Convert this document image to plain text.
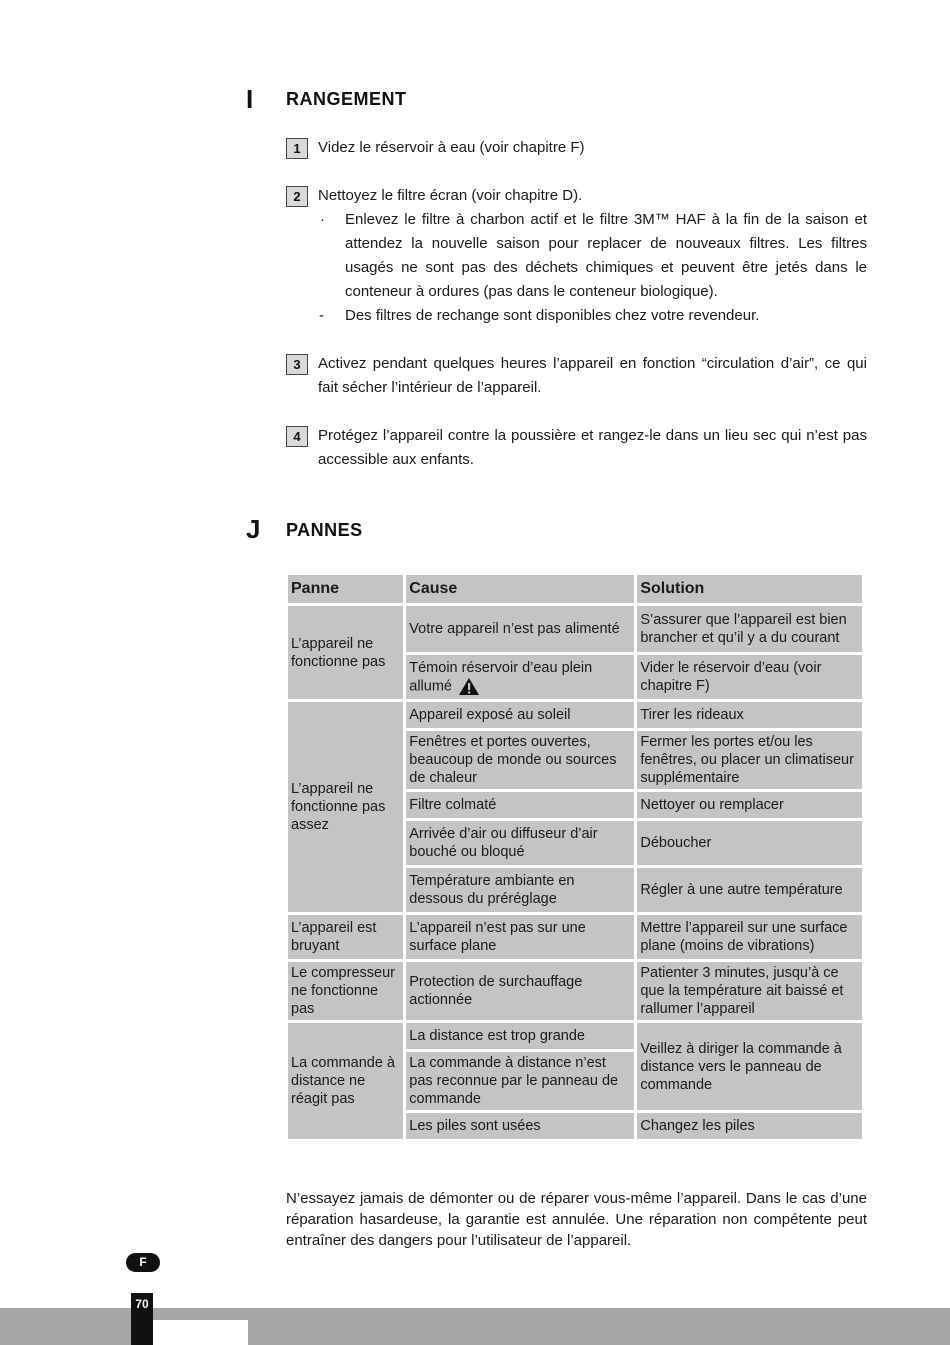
I RANGEMENT
1	Videz le réservoir à eau (voir chapitre F)
2	Nettoyez le filtre écran (voir chapitre D).
· Enlevez le filtre à charbon actif et le filtre 3M™ HAF à la fin de la saison et attendez la nouvelle saison pour replacer de nouveaux filtres. Les filtres usagés ne sont pas des déchets chimiques et peuvent être jetés dans le conteneur à ordures (pas dans le conteneur biologique).
- Des filtres de rechange sont disponibles chez votre revendeur.
3	Activez pendant quelques heures l’appareil en fonction “circulation d’air”, ce qui fait sécher l’intérieur de l’appareil.
4	Protégez l’appareil contre la poussière et rangez-le dans un lieu sec qui n’est pas accessible aux enfants.
J PANNES
Panne	Cause	Solution
L’appareil ne fonctionne pas	Votre appareil n’est pas alimenté	S’assurer que l’appareil est bien brancher et qu’il y a du courant
	Témoin réservoir d’eau plein allumé	Vider le réservoir d’eau (voir chapitre F)
L’appareil ne fonctionne pas assez	Appareil exposé au soleil	Tirer les rideaux
	Fenêtres et portes ouvertes, beaucoup de monde ou sources de chaleur	Fermer les portes et/ou les fenêtres, ou placer un climatiseur supplémentaire
	Filtre colmaté	Nettoyer ou remplacer
	Arrivée d’air ou diffuseur d’air bouché ou bloqué	Déboucher
	Température ambiante en dessous du préréglage	Régler à une autre température
L’appareil est bruyant	L’appareil n’est pas sur une surface plane	Mettre l’appareil sur une surface plane (moins de vibrations)
Le compresseur ne fonctionne pas	Protection de surchauffage actionnée	Patienter 3 minutes, jusqu’à ce que la température ait baissé et rallumer l’appareil
La commande à distance ne réagit pas	La distance est trop grande	Veillez à diriger la commande à distance vers le panneau de commande
	La commande à distance n’est pas reconnue par le panneau de commande	
	Les piles sont usées	Changez les piles
N’essayez jamais de démonter ou de réparer vous-même l’appareil. Dans le cas d’une réparation hasardeuse, la garantie est annulée. Une réparation non compétente peut entraîner des dangers pour l’utilisateur de l’appareil.
F
70
